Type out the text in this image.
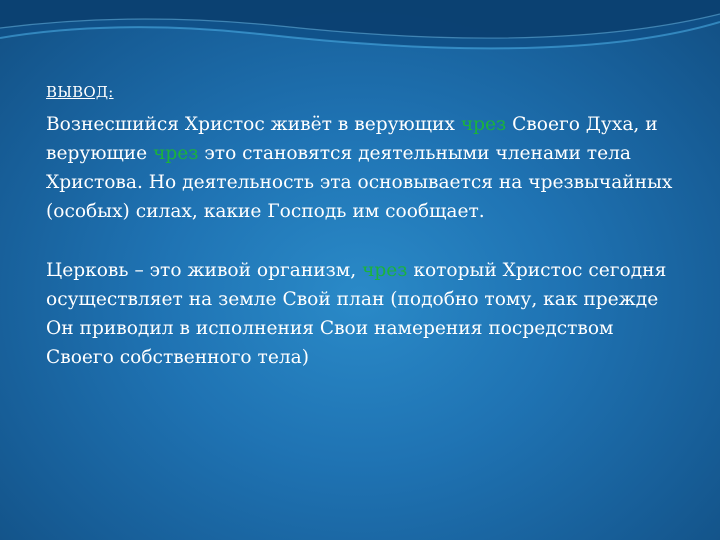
ВЫВОД:

Вознесшийся Христос живёт в верующих чрез Своего Духа, и верующие чрез это становятся деятельными членами тела Христова. Но деятельность эта основывается на чрезвычайных (особых) силах, какие Господь им сообщает.

Церковь – это живой организм, чрез который Христос сегодня осуществляет на земле Свой план (подобно тому, как прежде Он приводил в исполнения Свои намерения посредством Своего собственного тела)
